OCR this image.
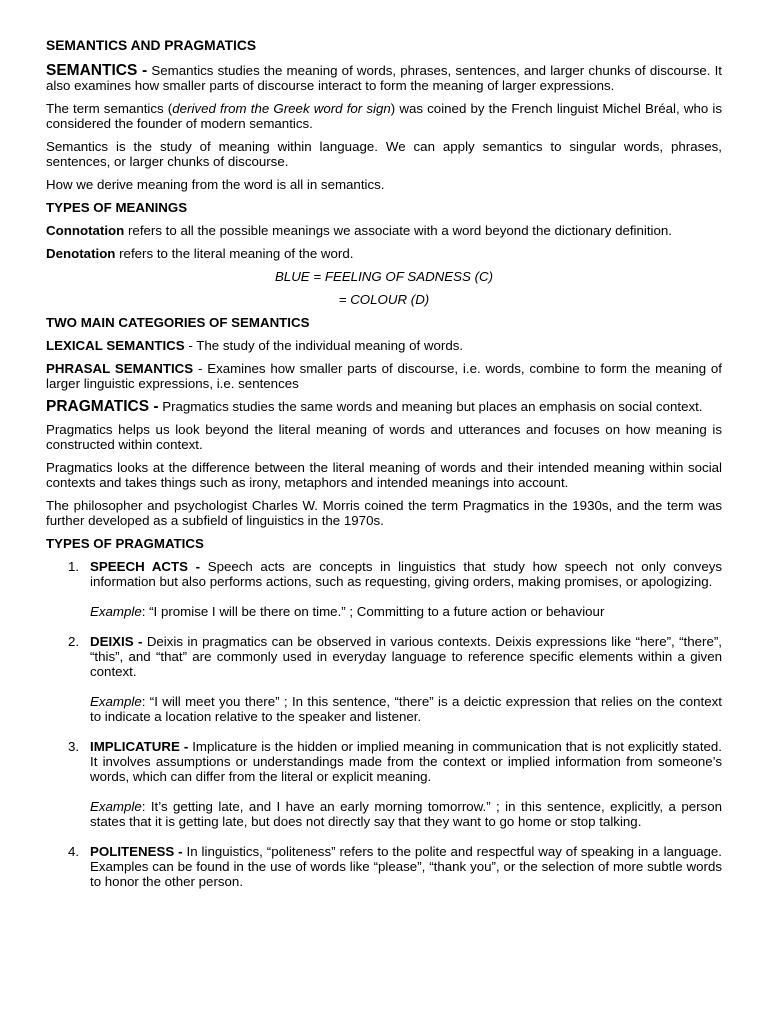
SEMANTICS AND PRAGMATICS

SEMANTICS - Semantics studies the meaning of words, phrases, sentences, and larger chunks of discourse. It also examines how smaller parts of discourse interact to form the meaning of larger expressions.

The term semantics (derived from the Greek word for sign) was coined by the French linguist Michel Bréal, who is considered the founder of modern semantics.

Semantics is the study of meaning within language. We can apply semantics to singular words, phrases, sentences, or larger chunks of discourse.

How we derive meaning from the word is all in semantics.

TYPES OF MEANINGS

Connotation refers to all the possible meanings we associate with a word beyond the dictionary definition.

Denotation refers to the literal meaning of the word.

BLUE = FEELING OF SADNESS (C)

= COLOUR (D)

TWO MAIN CATEGORIES OF SEMANTICS

LEXICAL SEMANTICS - The study of the individual meaning of words.

PHRASAL SEMANTICS - Examines how smaller parts of discourse, i.e. words, combine to form the meaning of larger linguistic expressions, i.e. sentences

PRAGMATICS - Pragmatics studies the same words and meaning but places an emphasis on social context.

Pragmatics helps us look beyond the literal meaning of words and utterances and focuses on how meaning is constructed within context.

Pragmatics looks at the difference between the literal meaning of words and their intended meaning within social contexts and takes things such as irony, metaphors and intended meanings into account.

The philosopher and psychologist Charles W. Morris coined the term Pragmatics in the 1930s, and the term was further developed as a subfield of linguistics in the 1970s.

TYPES OF PRAGMATICS

1. SPEECH ACTS - Speech acts are concepts in linguistics that study how speech not only conveys information but also performs actions, such as requesting, giving orders, making promises, or apologizing.

Example: “I promise I will be there on time.” ; Committing to a future action or behaviour

2. DEIXIS - Deixis in pragmatics can be observed in various contexts. Deixis expressions like “here”, “there”, “this”, and “that” are commonly used in everyday language to reference specific elements within a given context.

Example: “I will meet you there” ; In this sentence, “there” is a deictic expression that relies on the context to indicate a location relative to the speaker and listener.

3. IMPLICATURE - Implicature is the hidden or implied meaning in communication that is not explicitly stated. It involves assumptions or understandings made from the context or implied information from someone’s words, which can differ from the literal or explicit meaning.

Example: It’s getting late, and I have an early morning tomorrow.” ; in this sentence, explicitly, a person states that it is getting late, but does not directly say that they want to go home or stop talking.

4. POLITENESS - In linguistics, “politeness” refers to the polite and respectful way of speaking in a language. Examples can be found in the use of words like “please”, “thank you”, or the selection of more subtle words to honor the other person.
